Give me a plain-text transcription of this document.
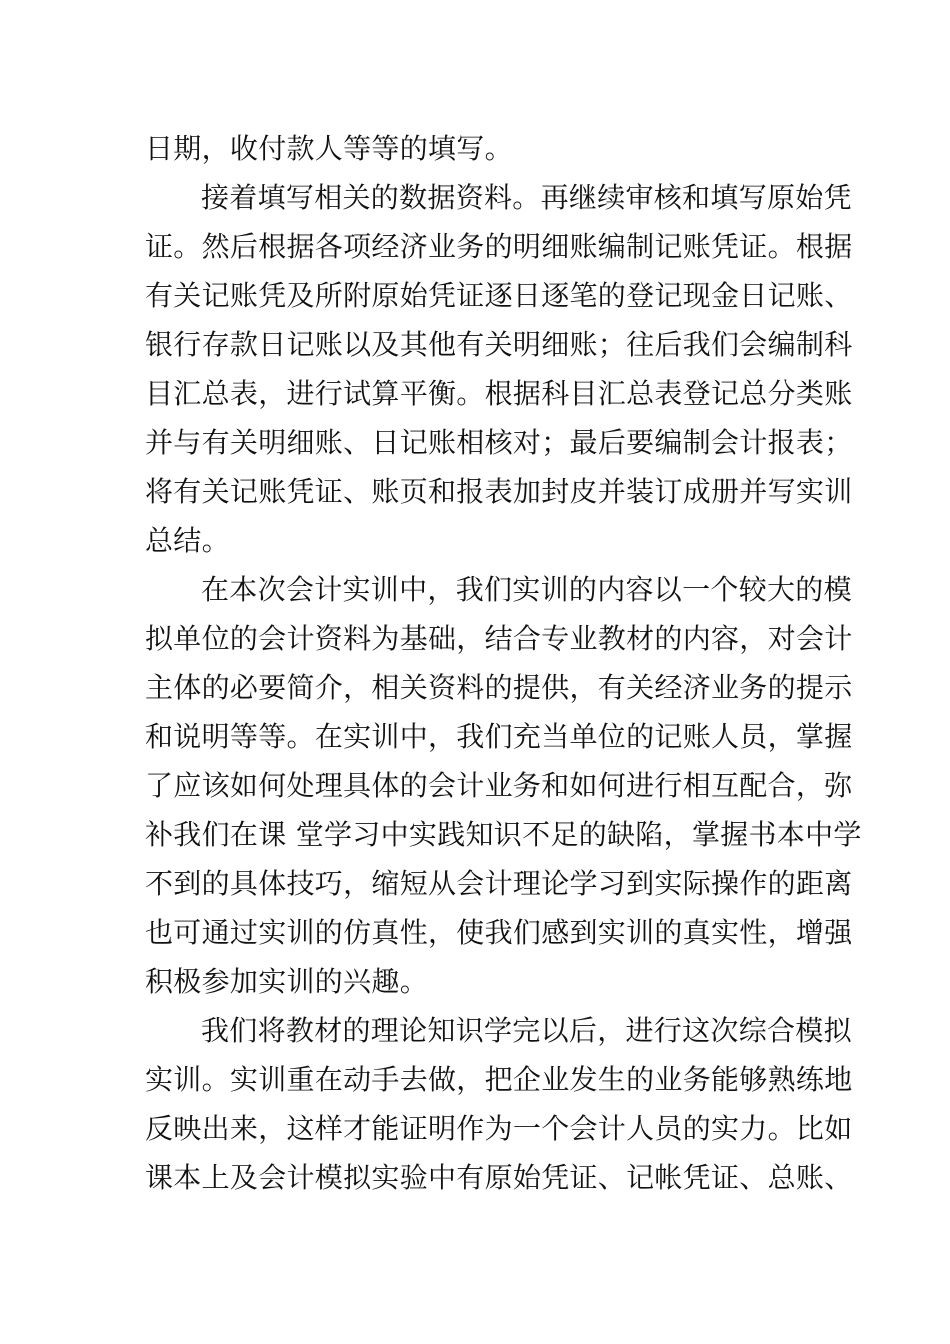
日期，收付款人等等的填写。
接着填写相关的数据资料。再继续审核和填写原始凭
证。然后根据各项经济业务的明细账编制记账凭证。根据
有关记账凭及所附原始凭证逐日逐笔的登记现金日记账、
银行存款日记账以及其他有关明细账；往后我们会编制科
目汇总表，进行试算平衡。根据科目汇总表登记总分类账
并与有关明细账、日记账相核对；最后要编制会计报表；
将有关记账凭证、账页和报表加封皮并装订成册并写实训
总结。
在本次会计实训中，我们实训的内容以一个较大的模
拟单位的会计资料为基础，结合专业教材的内容，对会计
主体的必要简介，相关资料的提供，有关经济业务的提示
和说明等等。在实训中，我们充当单位的记账人员，掌握
了应该如何处理具体的会计业务和如何进行相互配合，弥
补我们在课 堂学习中实践知识不足的缺陷，掌握书本中学
不到的具体技巧，缩短从会计理论学习到实际操作的距离
也可通过实训的仿真性，使我们感到实训的真实性，增强
积极参加实训的兴趣。
我们将教材的理论知识学完以后，进行这次综合模拟
实训。实训重在动手去做，把企业发生的业务能够熟练地
反映出来，这样才能证明作为一个会计人员的实力。比如
课本上及会计模拟实验中有原始凭证、记帐凭证、总账、
